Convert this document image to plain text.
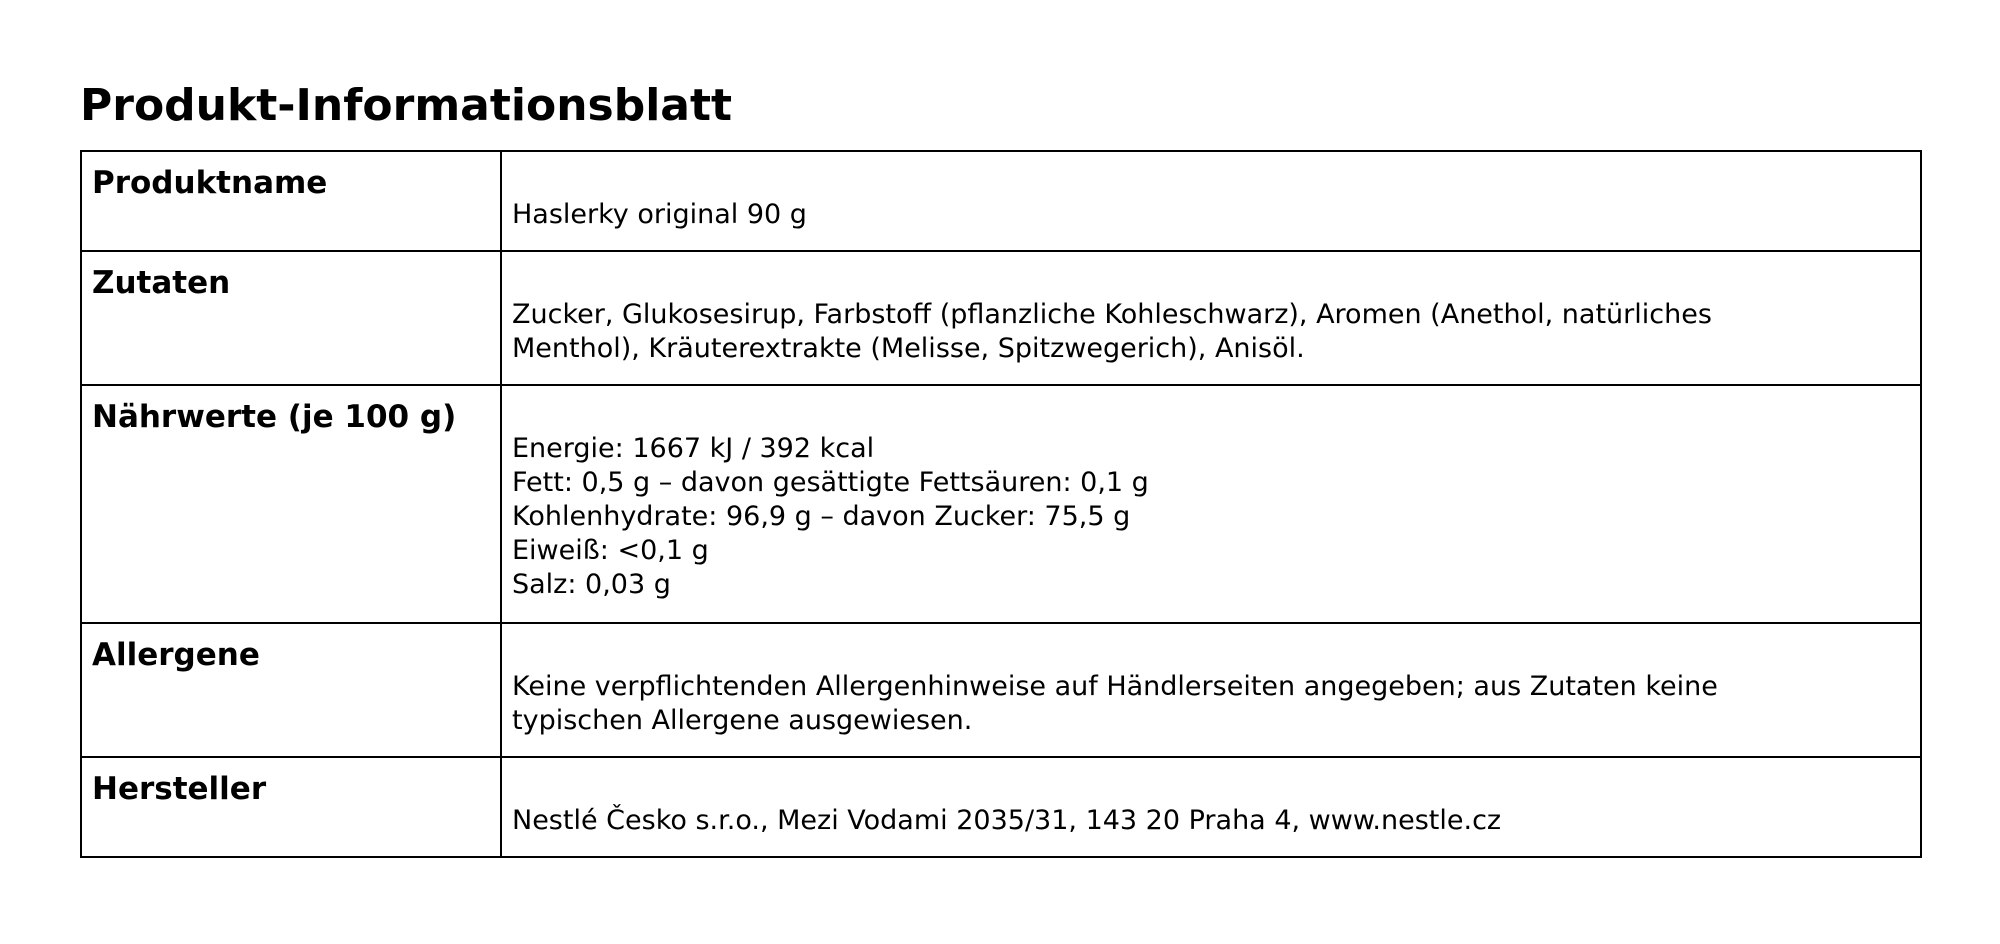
Produkt-Informationsblatt
Produktname	Haslerky original 90 g
Zutaten	Zucker, Glukosesirup, Farbstoff (pflanzliche Kohleschwarz), Aromen (Anethol, natürliches
Menthol), Kräuterextrakte (Melisse, Spitzwegerich), Anisöl.

Nährwerte (je 100 g)	Energie: 1667 kJ / 392 kcal
Fett: 0,5 g – davon gesättigte Fettsäuren: 0,1 g
Kohlenhydrate: 96,9 g – davon Zucker: 75,5 g
Eiweiß: <0,1 g
Salz: 0,03 g

Allergene	Keine verpflichtenden Allergenhinweise auf Händlerseiten angegeben; aus Zutaten keine
typischen Allergene ausgewiesen.

Hersteller	Nestlé Česko s.r.o., Mezi Vodami 2035/31, 143 20 Praha 4, www.nestle.cz
